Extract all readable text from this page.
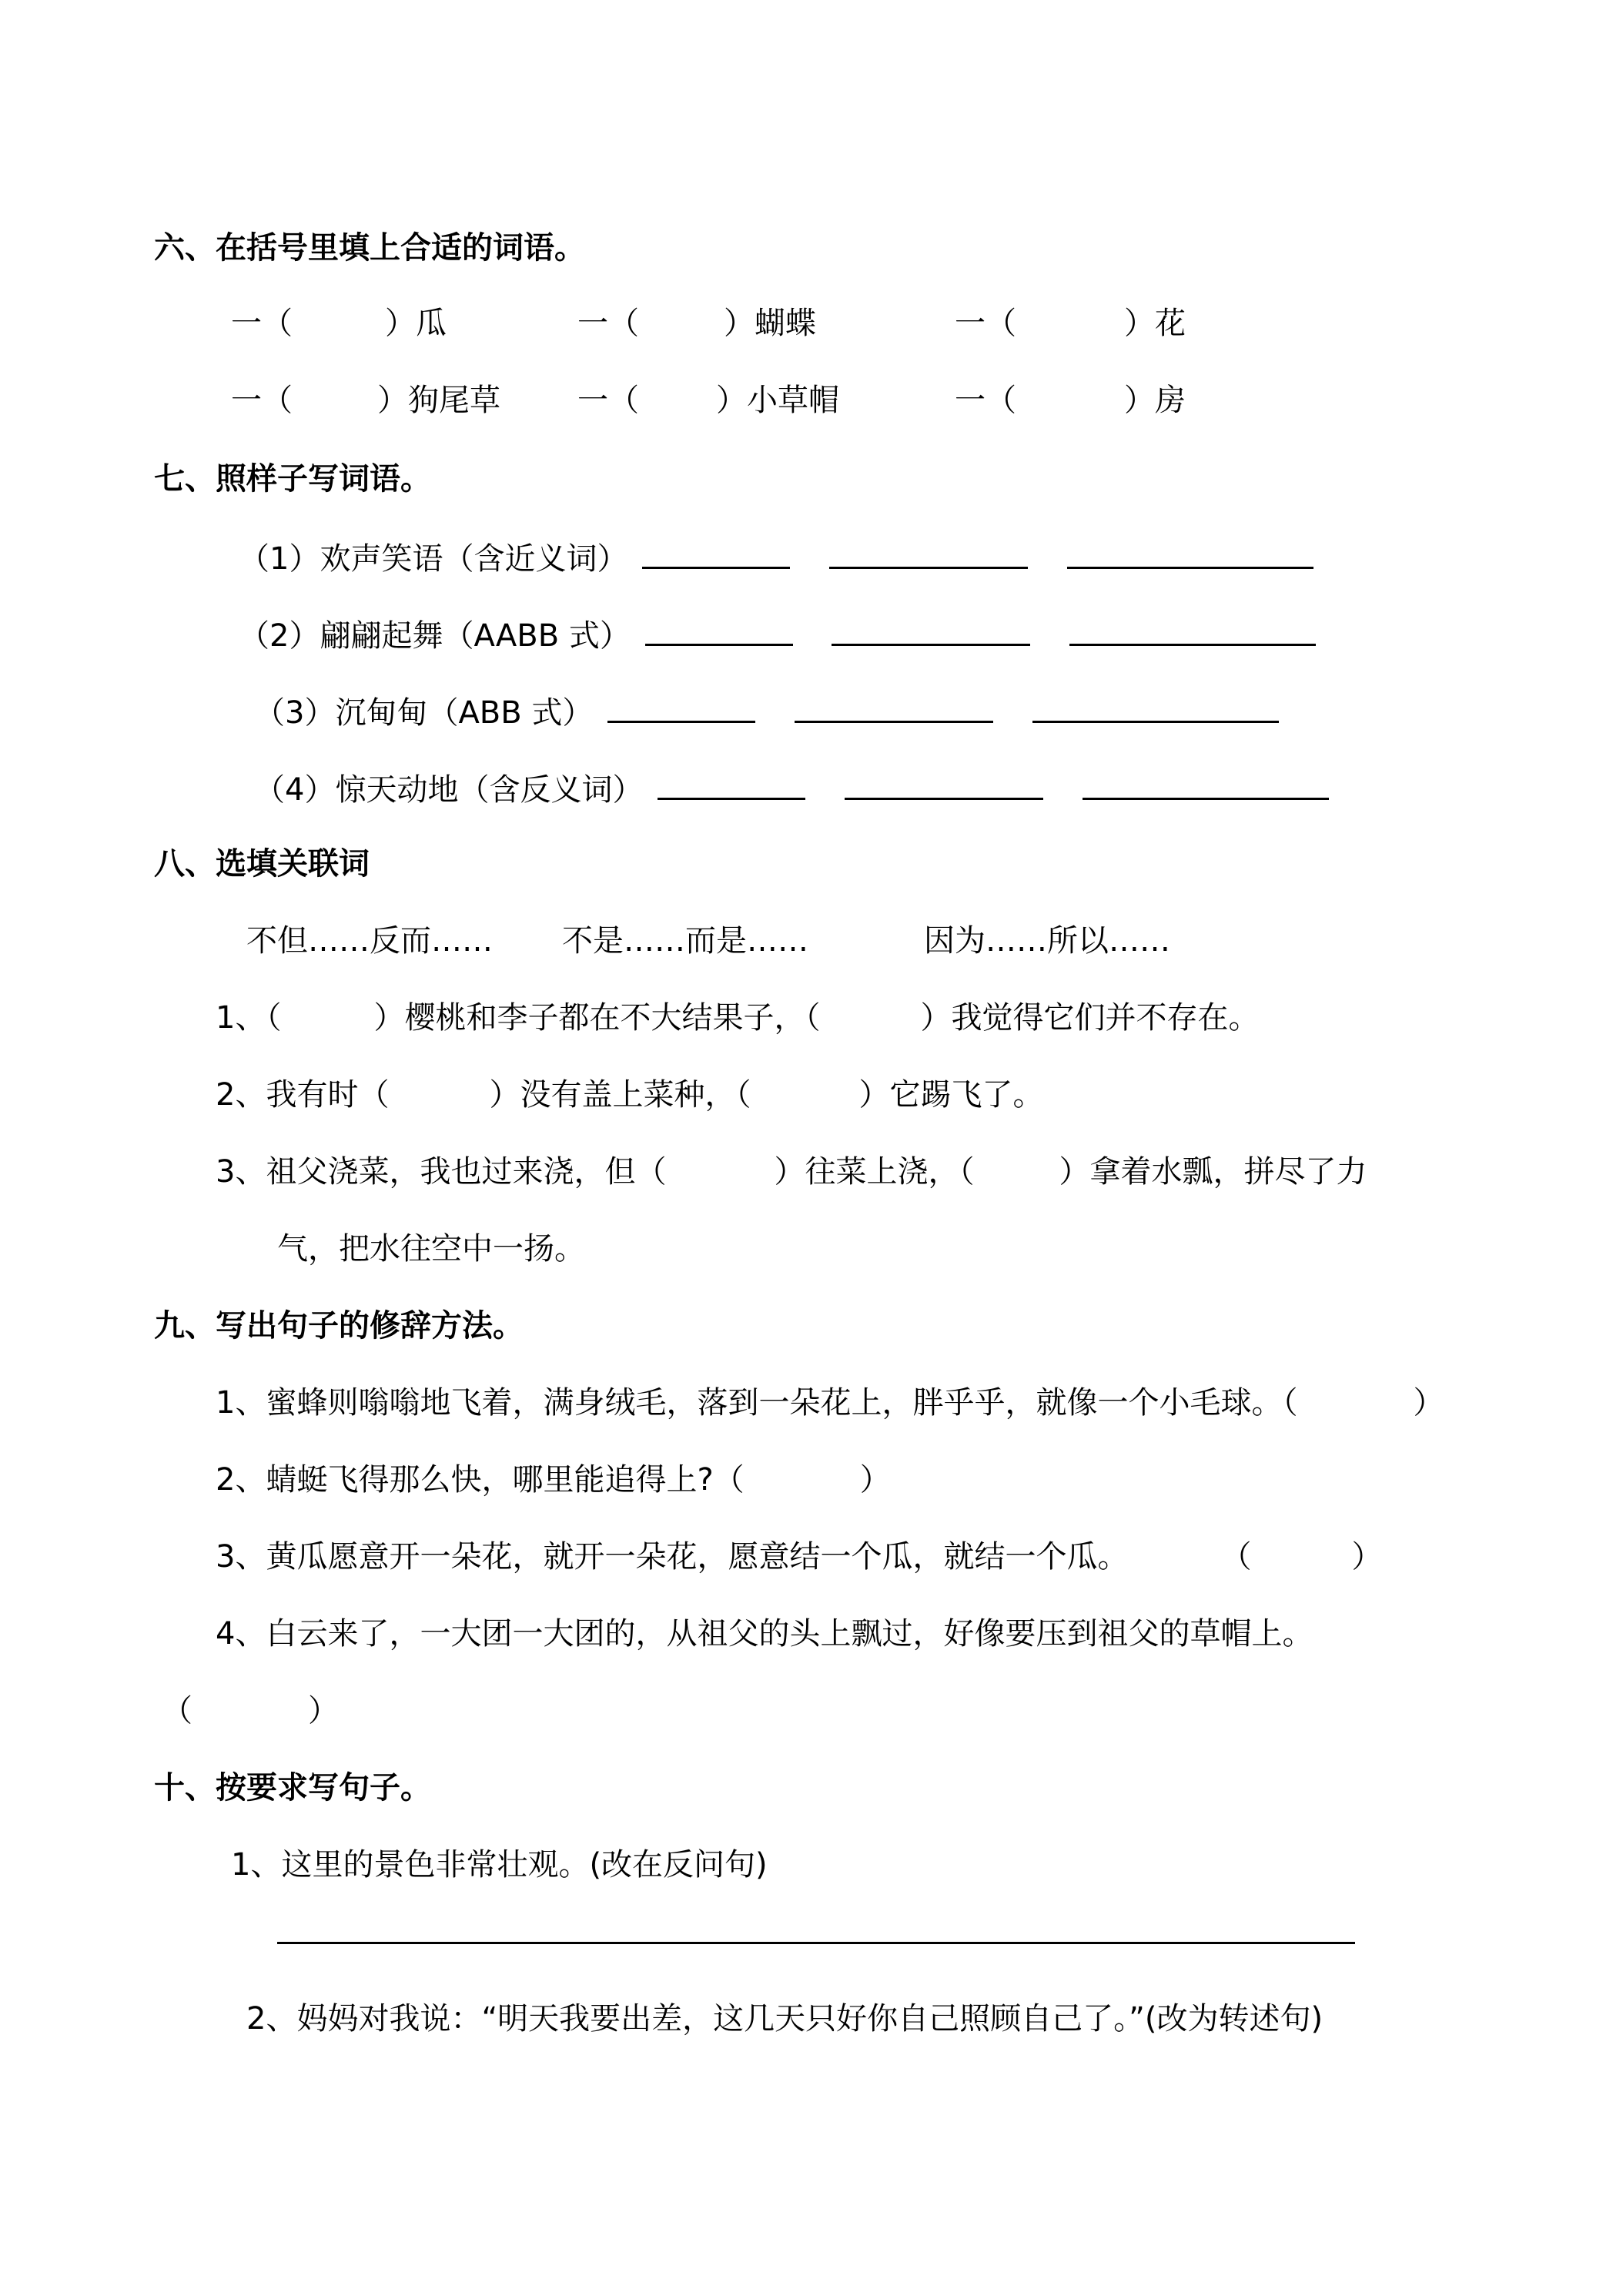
六、在括号里填上合适的词语。
一（	）瓜	一（	）蝴蝶	一（	）花
一（	）狗尾草	一（	）小草帽	一（	）房
七、照样子写词语。
（1）欢声笑语（含近义词）
（2）翩翩起舞（AABB 式）
（3）沉甸甸（ABB 式）
（4）惊天动地（含反义词）
八、选填关联词
不但……反而…… 不是……而是……	因为……所以……
1、（	）樱桃和李子都在不大结果子，（	）我觉得它们并不存在。
2、我有时（	）没有盖上菜种，（	）它踢飞了。
3、祖父浇菜，我也过来浇，但（	）往菜上浇，（	）拿着水瓢，拼尽了力
气，把水往空中一扬。
九、写出句子的修辞方法。
1、蜜蜂则嗡嗡地飞着，满身绒毛，落到一朵花上，胖乎乎，就像一个小毛球。（	）
2、蜻蜓飞得那么快，哪里能追得上?（	）
3、黄瓜愿意开一朵花，就开一朵花，愿意结一个瓜，就结一个瓜。	（	）
4、白云来了，一大团一大团的，从祖父的头上飘过，好像要压到祖父的草帽上。
（	）
十、按要求写句子。
1、这里的景色非常壮观。(改在反问句)
2、妈妈对我说：“明天我要出差，这几天只好你自己照顾自己了。”(改为转述句)
